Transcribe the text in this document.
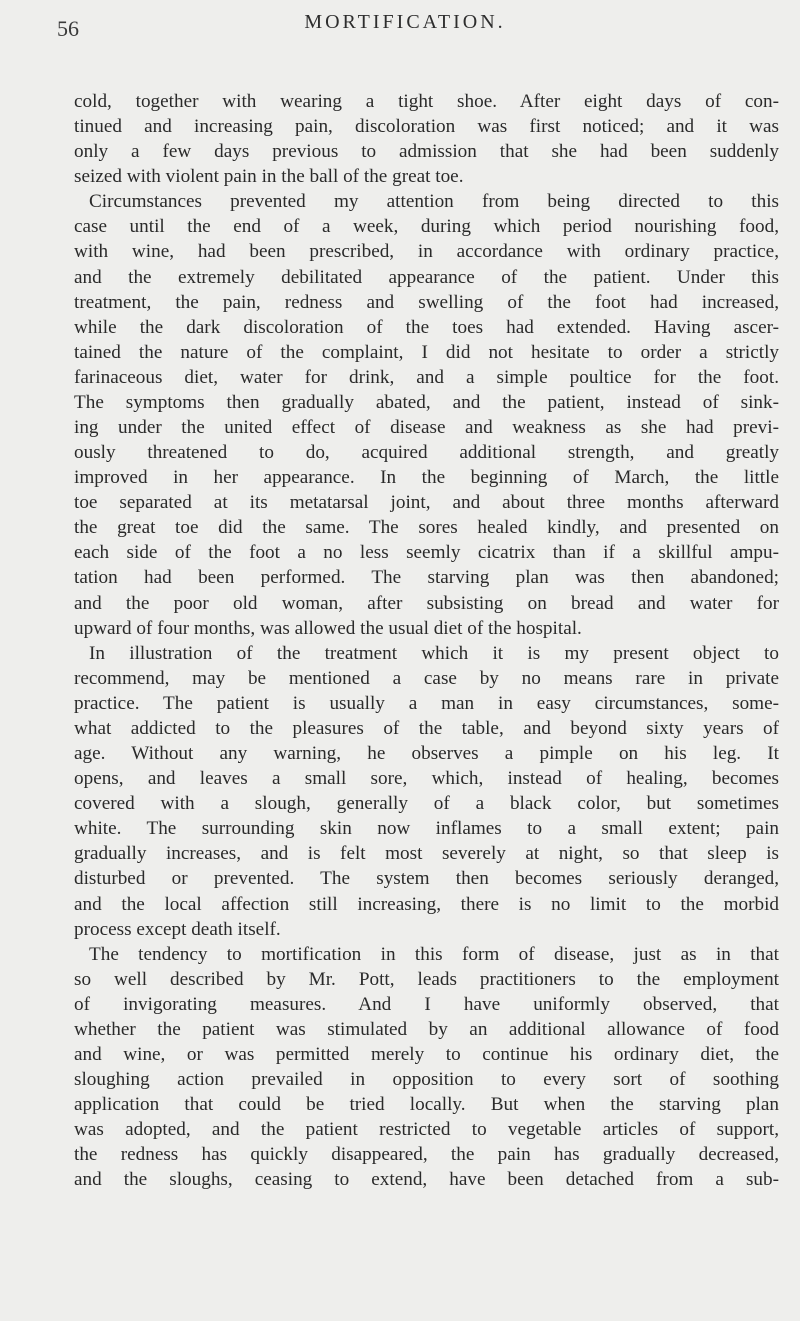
56	MORTIFICATION.
cold, together with wearing a tight shoe. After eight days of con-
tinued and increasing pain, discoloration was first noticed; and it was
only a few days previous to admission that she had been suddenly
seized with violent pain in the ball of the great toe.
Circumstances prevented my attention from being directed to this
case until the end of a week, during which period nourishing food,
with wine, had been prescribed, in accordance with ordinary practice,
and the extremely debilitated appearance of the patient. Under this
treatment, the pain, redness and swelling of the foot had increased,
while the dark discoloration of the toes had extended. Having ascer-
tained the nature of the complaint, I did not hesitate to order a strictly
farinaceous diet, water for drink, and a simple poultice for the foot.
The symptoms then gradually abated, and the patient, instead of sink-
ing under the united effect of disease and weakness as she had previ-
ously threatened to do, acquired additional strength, and greatly
improved in her appearance. In the beginning of March, the little
toe separated at its metatarsal joint, and about three months afterward
the great toe did the same. The sores healed kindly, and presented on
each side of the foot a no less seemly cicatrix than if a skillful ampu-
tation had been performed. The starving plan was then abandoned;
and the poor old woman, after subsisting on bread and water for
upward of four months, was allowed the usual diet of the hospital.
In illustration of the treatment which it is my present object to
recommend, may be mentioned a case by no means rare in private
practice. The patient is usually a man in easy circumstances, some-
what addicted to the pleasures of the table, and beyond sixty years of
age. Without any warning, he observes a pimple on his leg. It
opens, and leaves a small sore, which, instead of healing, becomes
covered with a slough, generally of a black color, but sometimes
white. The surrounding skin now inflames to a small extent; pain
gradually increases, and is felt most severely at night, so that sleep is
disturbed or prevented. The system then becomes seriously deranged,
and the local affection still increasing, there is no limit to the morbid
process except death itself.
The tendency to mortification in this form of disease, just as in that
so well described by Mr. Pott, leads practitioners to the employment
of invigorating measures. And I have uniformly observed, that
whether the patient was stimulated by an additional allowance of food
and wine, or was permitted merely to continue his ordinary diet, the
sloughing action prevailed in opposition to every sort of soothing
application that could be tried locally. But when the starving plan
was adopted, and the patient restricted to vegetable articles of support,
the redness has quickly disappeared, the pain has gradually decreased,
and the sloughs, ceasing to extend, have been detached from a sub-
